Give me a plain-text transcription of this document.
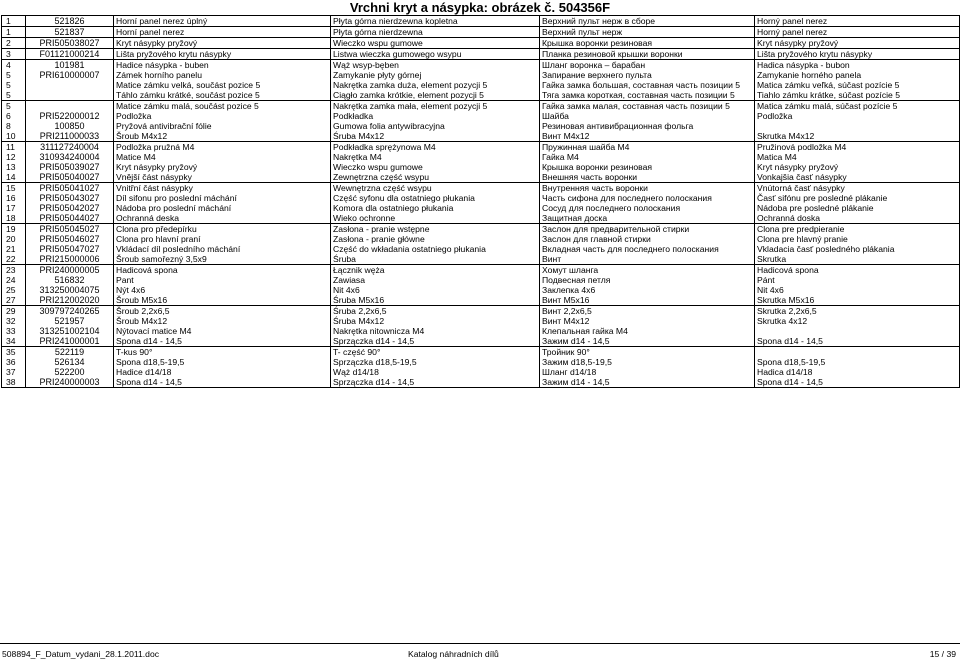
Vrchni kryt a násypka: obrázek č. 504356F
1	521826	Horní panel nerez úplný	Płyta górna nierdzewna kopletna	Верхний пульт нерж в сборе	Horný panel nerez
1	521837	Horní panel nerez	Płyta górna nierdzewna	Верхний пульт нерж	Horný panel nerez
2	PRI505038027	Kryt násypky pryžový	Wieczko wspu gumowe	Крышка воронки резиновая	Kryt násypky pryžový
3	F01121000214	Lišta pryžového krytu násypky	Listwa wieczka gumowego wsypu	Планка резиновой крышки воронки	Lišta pryžového krytu násypky
4	101981	Hadice násypka - buben	Wąż wsyp-bęben	Шланг воронка – барабан	Hadica násypka - bubon
5	PRI610000007	Zámek horního panelu	Zamykanie płyty górnej	Запирание верхнего пульта	Zamykanie horného panela
5		Matice zámku velká, součást pozice 5	Nakrętka zamka duża, element pozycji 5	Гайка замка большая, составная часть позиции 5	Matica zámku veľká, súčast pozície 5
5		Táhlo zámku krátké, součást pozice 5	Ciągło zamka krótkie, element pozycji 5	Тяга замка короткая, составная часть позиции 5	Tiahlo zámku krátke, súčast pozície 5
5		Matice zámku malá, součást pozice 5	Nakrętka zamka mała, element pozycji 5	Гайка замка малая, составная часть позиции 5	Matica zámku malá, súčast pozície 5
6	PRI522000012	Podložka	Podkładka	Шайба	Podložka
8	100850	Pryžová antivibrační fólie	Gumowa folia antywibracyjna	Резиновая антивибрационная фольга	
10	PRI211000033	Šroub M4x12	Śruba M4x12	Винт M4x12	Skrutka M4x12
11	311127240004	Podložka pružná M4	Podkładka sprężynowa M4	Пружинная шайба M4	Pružinová podložka M4
12	310934240004	Matice M4	Nakrętka M4	Гайка M4	Matica M4
13	PRI505039027	Kryt násypky pryžový	Wieczko wspu gumowe	Крышка воронки резиновая	Kryt násypky pryžový
14	PRI505040027	Vnější část násypky	Zewnętrzna część wsypu	Внешняя часть воронки	Vonkajšia časť násypky
15	PRI505041027	Vnitřní část násypky	Wewnętrzna część wsypu	Внутренняя часть воронки	Vnútorná časť násypky
16	PRI505043027	Díl sifonu pro poslední máchání	Część syfonu dla ostatniego płukania	Часть сифона для последнего полоскания	Časť sifónu pre posledné plákanie
17	PRI505042027	Nádoba pro poslední máchání	Komora dla ostatniego płukania	Сосуд для последнего полоскания	Nádoba pre posledné plákanie
18	PRI505044027	Ochranná deska	Wieko ochronne	Защитная доска	Ochranná doska
19	PRI505045027	Clona pro předepírku	Zasłona - pranie wstępne	Заслон для предварительной стирки	Clona pre predpieranie
20	PRI505046027	Clona pro hlavní praní	Zasłona - pranie główne	Заслон для главной стирки	Clona pre hlavný pranie
21	PRI505047027	Vkládací díl posledního máchání	Część do wkładania ostatniego płukania	Вкладная часть для последнего полоскания	Vkladacia časť posledného plákania
22	PRI215000006	Šroub samořezný 3,5x9	Śruba	Винт	Skrutka
23	PRI240000005	Hadicová spona	Łącznik węża	Хомут шланга	Hadicová spona
24	516832	Pant	Zawiasa	Подвесная петля	Pánt
25	313250004075	Nýt 4x6	Nit 4x6	Заклепка 4x6	Nit 4x6
27	PRI212002020	Šroub M5x16	Śruba M5x16	Винт M5x16	Skrutka M5x16
29	309797240265	Šroub 2,2x6,5	Śruba 2,2x6,5	Винт 2,2x6,5	Skrutka 2,2x6,5
32	521957	Šroub M4x12	Śruba M4x12	Винт M4x12	Skrutka 4x12
33	313251002104	Nýtovací matice M4	Nakrętka nitownicza M4	Клепальная гайка M4	
34	PRI241000001	Spona d14 - 14,5	Sprzączka d14 - 14,5	Зажим d14 - 14,5	Spona d14 - 14,5
35	522119	T-kus 90°	T- część 90°	Тройник 90°	
36	526134	Spona d18,5-19,5	Sprzączka d18,5-19,5	Зажим d18,5-19,5	Spona d18,5-19,5
37	522200	Hadice d14/18	Wąż d14/18	Шланг d14/18	Hadica d14/18
38	PRI240000003	Spona d14 - 14,5	Sprzączka d14 - 14,5	Зажим d14 - 14,5	Spona d14 - 14,5
508894_F_Datum_vydani_28.1.2011.doc	Katalog náhradních dílů	15 / 39
